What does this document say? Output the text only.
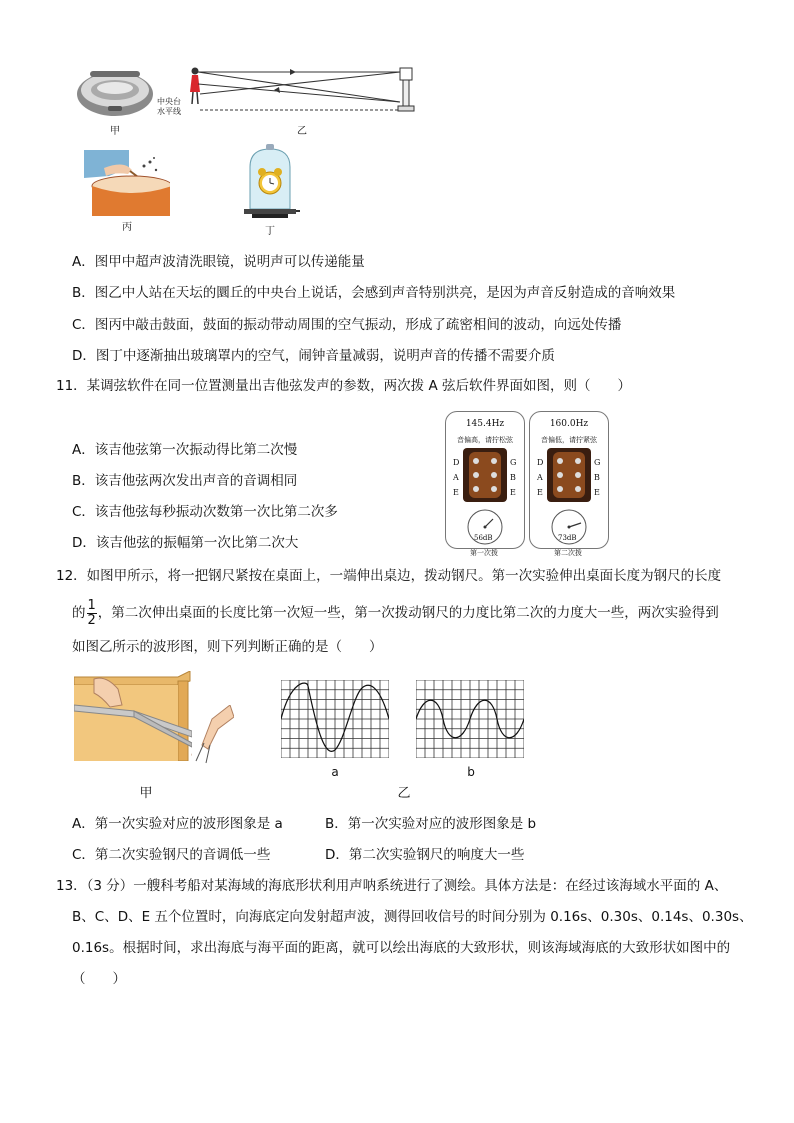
甲
中央台
水平线
乙
丙	丁
A．图甲中超声波清洗眼镜，说明声可以传递能量
B．图乙中人站在天坛的圜丘的中央台上说话，会感到声音特别洪亮，是因为声音反射造成的音响效果
C．图丙中敲击鼓面，鼓面的振动带动周围的空气振动，形成了疏密相间的波动，向远处传播
D．图丁中逐渐抽出玻璃罩内的空气，闹钟音量减弱，说明声音的传播不需要介质
11．某调弦软件在同一位置测量出吉他弦发声的参数，两次拨 A 弦后软件界面如图，则（　　）
A．该吉他弦第一次振动得比第二次慢
B．该吉他弦两次发出声音的音调相同
C．该吉他弦每秒振动次数第一次比第二次多
D．该吉他弦的振幅第一次比第二次大
145.4Hz
音偏高，请拧松弦
D
A
E
G
B
E
56dB
第一次拨
160.0Hz
音偏低，请拧紧弦
D
A
E
G
B
E
73dB
第二次拨
12．如图甲所示，将一把钢尺紧按在桌面上，一端伸出桌边，拨动钢尺。第一次实验伸出桌面长度为钢尺的长度
的 $\frac{1}{2}$ ，第二次伸出桌面的长度比第一次短一些，第一次拨动钢尺的力度比第二次的力度大一些，两次实验得到
如图乙所示的波形图，则下列判断正确的是（　　）
甲
a	b
乙
A．第一次实验对应的波形图象是 a	B．第一次实验对应的波形图象是 b
C．第二次实验钢尺的音调低一些	D．第二次实验钢尺的响度大一些
13．（3 分）一艘科考船对某海域的海底形状利用声呐系统进行了测绘。具体方法是：在经过该海域水平面的 A、
B、C、D、E 五个位置时，向海底定向发射超声波，测得回收信号的时间分别为 0.16s、0.30s、0.14s、0.30s、
0.16s。根据时间，求出海底与海平面的距离，就可以绘出海底的大致形状，则该海域海底的大致形状如图中的
（　　）
